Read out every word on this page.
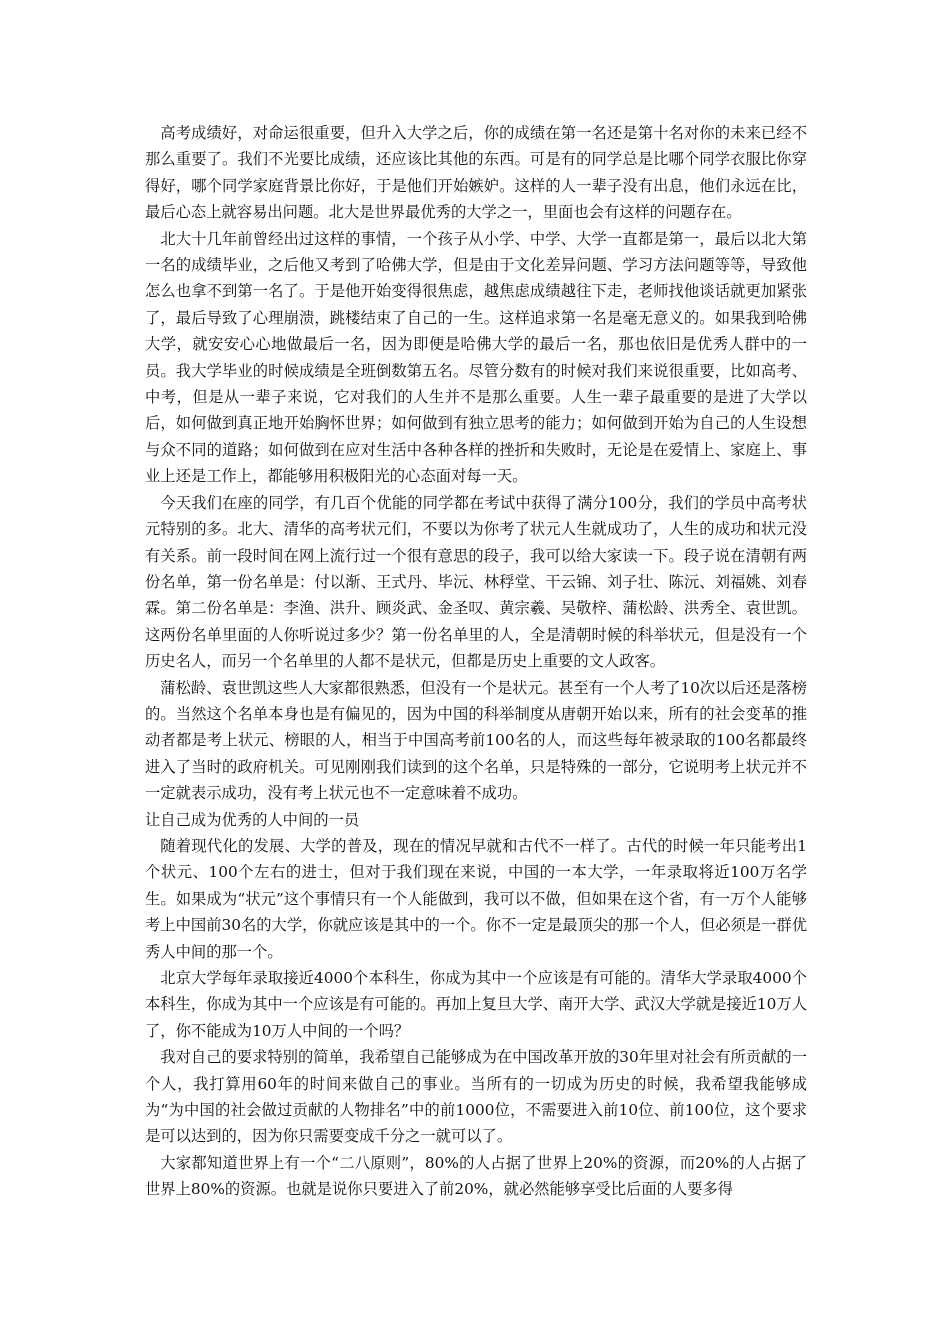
高考成绩好，对命运很重要，但升入大学之后，你的成绩在第一名还是第十名对你的未来已经不那么重要了。我们不光要比成绩，还应该比其他的东西。可是有的同学总是比哪个同学衣服比你穿得好，哪个同学家庭背景比你好，于是他们开始嫉妒。这样的人一辈子没有出息，他们永远在比，最后心态上就容易出问题。北大是世界最优秀的大学之一，里面也会有这样的问题存在。

北大十几年前曾经出过这样的事情，一个孩子从小学、中学、大学一直都是第一，最后以北大第一名的成绩毕业，之后他又考到了哈佛大学，但是由于文化差异问题、学习方法问题等等，导致他怎么也拿不到第一名了。于是他开始变得很焦虑，越焦虑成绩越往下走，老师找他谈话就更加紧张了，最后导致了心理崩溃，跳楼结束了自己的一生。这样追求第一名是毫无意义的。如果我到哈佛大学，就安安心心地做最后一名，因为即便是哈佛大学的最后一名，那也依旧是优秀人群中的一员。我大学毕业的时候成绩是全班倒数第五名。尽管分数有的时候对我们来说很重要，比如高考、中考，但是从一辈子来说，它对我们的人生并不是那么重要。人生一辈子最重要的是进了大学以后，如何做到真正地开始胸怀世界；如何做到有独立思考的能力；如何做到开始为自己的人生设想与众不同的道路；如何做到在应对生活中各种各样的挫折和失败时，无论是在爱情上、家庭上、事业上还是工作上，都能够用积极阳光的心态面对每一天。

今天我们在座的同学，有几百个优能的同学都在考试中获得了满分100分，我们的学员中高考状元特别的多。北大、清华的高考状元们，不要以为你考了状元人生就成功了，人生的成功和状元没有关系。前一段时间在网上流行过一个很有意思的段子，我可以给大家读一下。段子说在清朝有两份名单，第一份名单是：付以渐、王式丹、毕沅、林稃堂、干云锦、刘子壮、陈沅、刘福姚、刘春霖。第二份名单是：李渔、洪升、顾炎武、金圣叹、黄宗羲、吴敬梓、蒲松龄、洪秀全、袁世凯。这两份名单里面的人你听说过多少？第一份名单里的人，全是清朝时候的科举状元，但是没有一个历史名人，而另一个名单里的人都不是状元，但都是历史上重要的文人政客。

蒲松龄、袁世凯这些人大家都很熟悉，但没有一个是状元。甚至有一个人考了10次以后还是落榜的。当然这个名单本身也是有偏见的，因为中国的科举制度从唐朝开始以来，所有的社会变革的推动者都是考上状元、榜眼的人，相当于中国高考前100名的人，而这些每年被录取的100名都最终进入了当时的政府机关。可见刚刚我们读到的这个名单，只是特殊的一部分，它说明考上状元并不一定就表示成功，没有考上状元也不一定意味着不成功。

让自己成为优秀的人中间的一员

随着现代化的发展、大学的普及，现在的情况早就和古代不一样了。古代的时候一年只能考出1个状元、100个左右的进士，但对于我们现在来说，中国的一本大学，一年录取将近100万名学生。如果成为“状元”这个事情只有一个人能做到，我可以不做，但如果在这个省，有一万个人能够考上中国前30名的大学，你就应该是其中的一个。你不一定是最顶尖的那一个人，但必须是一群优秀人中间的那一个。

北京大学每年录取接近4000个本科生，你成为其中一个应该是有可能的。清华大学录取4000个本科生，你成为其中一个应该是有可能的。再加上复旦大学、南开大学、武汉大学就是接近10万人了，你不能成为10万人中间的一个吗？

我对自己的要求特别的简单，我希望自己能够成为在中国改革开放的30年里对社会有所贡献的一个人，我打算用60年的时间来做自己的事业。当所有的一切成为历史的时候，我希望我能够成为“为中国的社会做过贡献的人物排名”中的前1000位，不需要进入前10位、前100位，这个要求是可以达到的，因为你只需要变成千分之一就可以了。

大家都知道世界上有一个“二八原则”，80%的人占据了世界上20%的资源，而20%的人占据了世界上80%的资源。也就是说你只要进入了前20%，就必然能够享受比后面的人要多得
